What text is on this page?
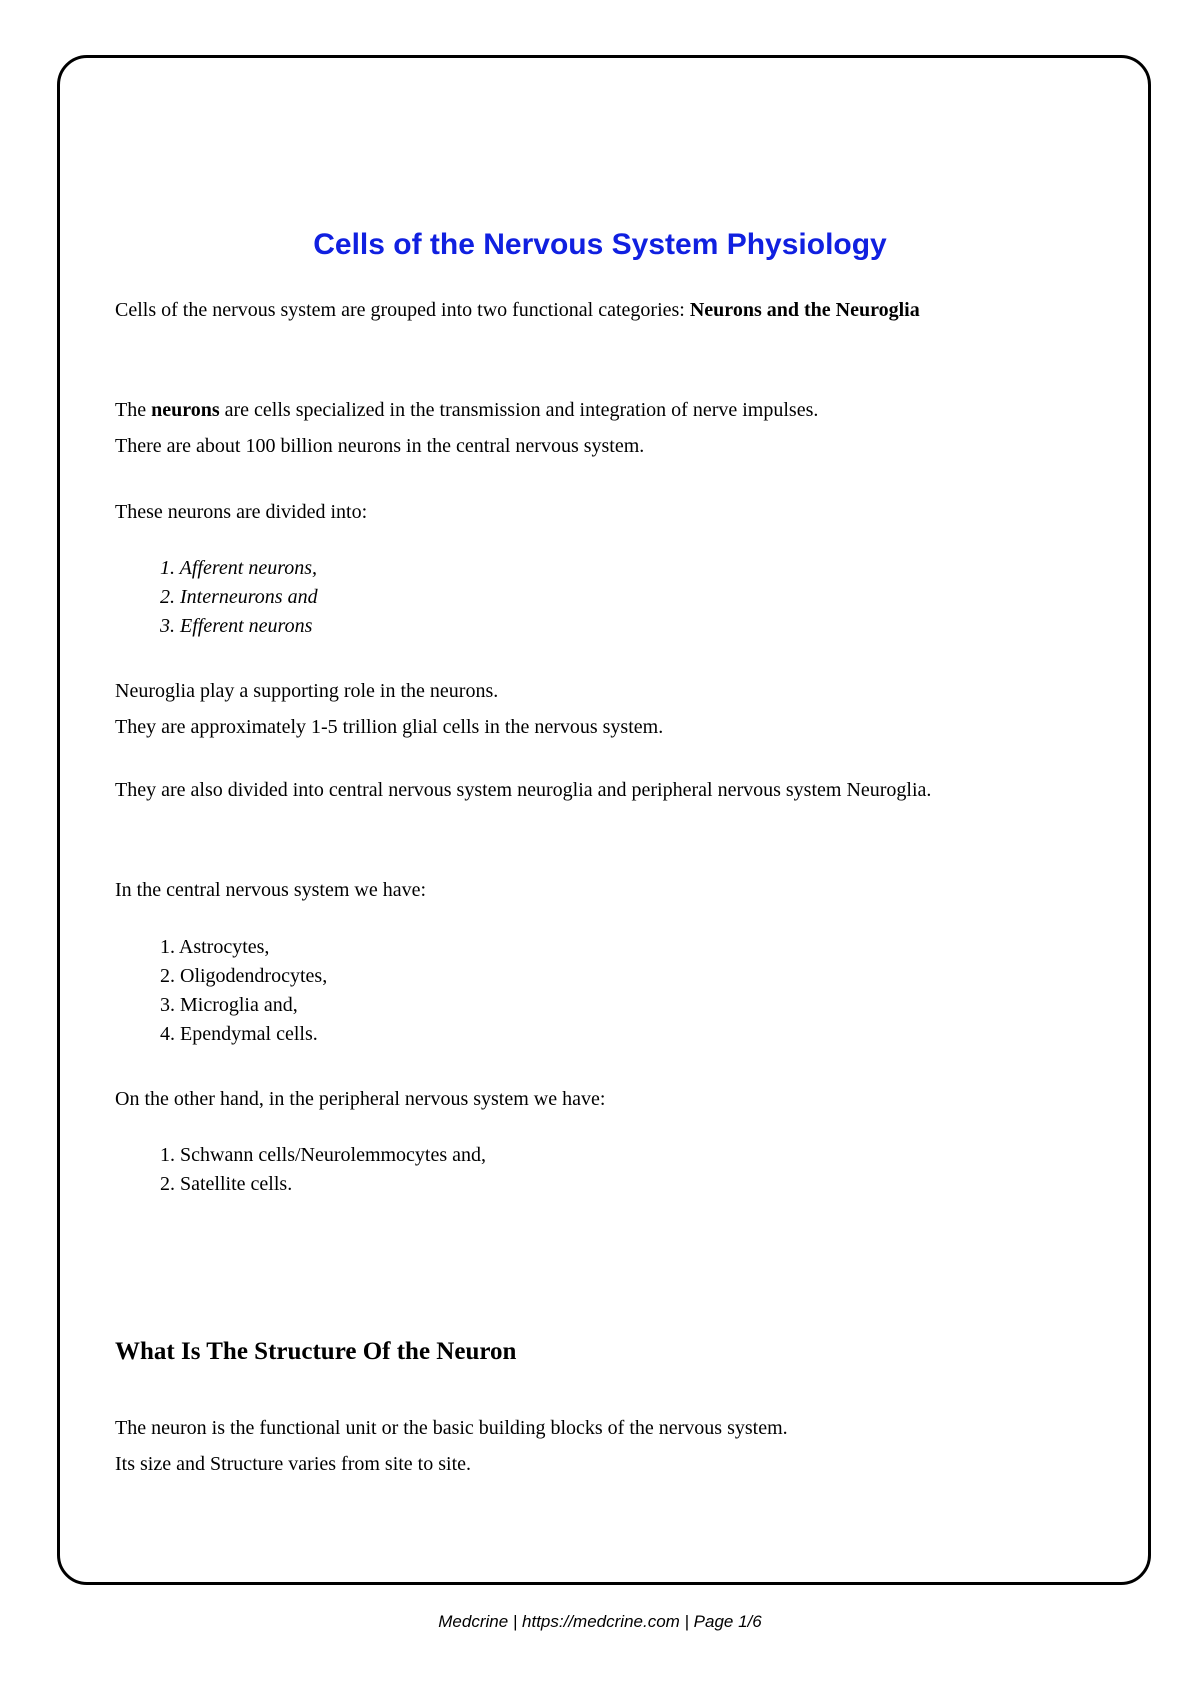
Cells of the Nervous System Physiology

Cells of the nervous system are grouped into two functional categories: Neurons and the Neuroglia

The neurons are cells specialized in the transmission and integration of nerve impulses.
There are about 100 billion neurons in the central nervous system.

These neurons are divided into:

1. Afferent neurons,

2. Interneurons and

3. Efferent neurons

Neuroglia play a supporting role in the neurons.
They are approximately 1-5 trillion glial cells in the nervous system.

They are also divided into central nervous system neuroglia and peripheral nervous system Neuroglia.

In the central nervous system we have:

1. Astrocytes,

2. Oligodendrocytes,

3. Microglia and,

4. Ependymal cells.

On the other hand, in the peripheral nervous system we have:

1. Schwann cells/Neurolemmocytes and,

2. Satellite cells.

What Is The Structure Of the Neuron

The neuron is the functional unit or the basic building blocks of the nervous system.
Its size and Structure varies from site to site.

Medcrine | https://medcrine.com | Page 1/6
